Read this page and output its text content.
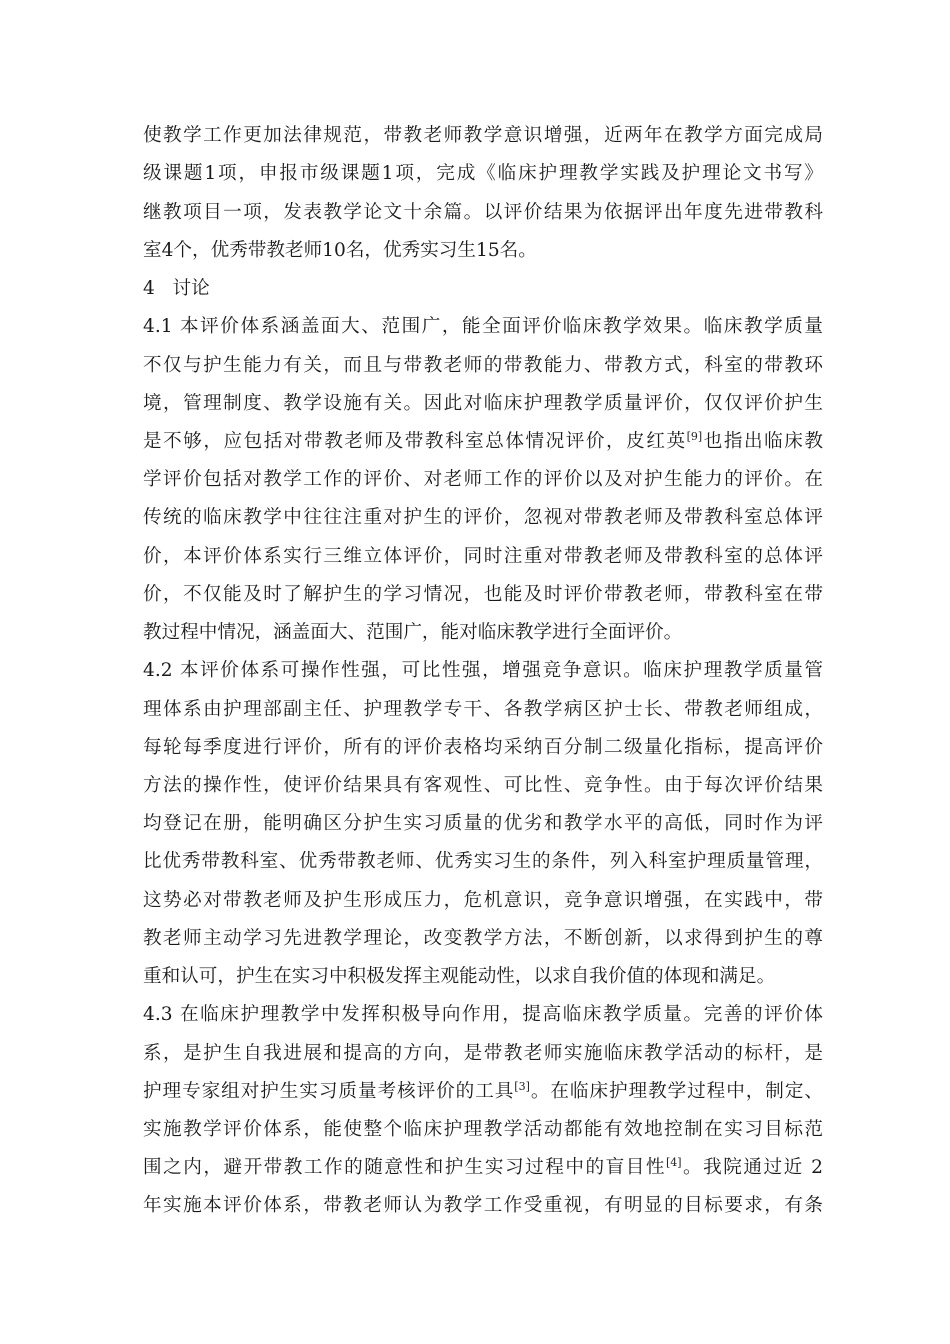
使教学工作更加法律规范，带教老师教学意识增强，近两年在教学方面完成局
级课题1项，申报市级课题1项，完成《临床护理教学实践及护理论文书写》
继教项目一项，发表教学论文十余篇。以评价结果为依据评出年度先进带教科
室4个，优秀带教老师10名，优秀实习生15名。
4   讨论
4.1 本评价体系涵盖面大、范围广，能全面评价临床教学效果。临床教学质量
不仅与护生能力有关，而且与带教老师的带教能力、带教方式，科室的带教环
境，管理制度、教学设施有关。因此对临床护理教学质量评价，仅仅评价护生
是不够，应包括对带教老师及带教科室总体情况评价，皮红英[9]也指出临床教
学评价包括对教学工作的评价、对老师工作的评价以及对护生能力的评价。在
传统的临床教学中往往注重对护生的评价，忽视对带教老师及带教科室总体评
价，本评价体系实行三维立体评价，同时注重对带教老师及带教科室的总体评
价，不仅能及时了解护生的学习情况，也能及时评价带教老师，带教科室在带
教过程中情况，涵盖面大、范围广，能对临床教学进行全面评价。
4.2 本评价体系可操作性强，可比性强，增强竞争意识。临床护理教学质量管
理体系由护理部副主任、护理教学专干、各教学病区护士长、带教老师组成，
每轮每季度进行评价，所有的评价表格均采纳百分制二级量化指标，提高评价
方法的操作性，使评价结果具有客观性、可比性、竞争性。由于每次评价结果
均登记在册，能明确区分护生实习质量的优劣和教学水平的高低，同时作为评
比优秀带教科室、优秀带教老师、优秀实习生的条件，列入科室护理质量管理，
这势必对带教老师及护生形成压力，危机意识，竞争意识增强，在实践中，带
教老师主动学习先进教学理论，改变教学方法，不断创新，以求得到护生的尊
重和认可，护生在实习中积极发挥主观能动性，以求自我价值的体现和满足。
4.3 在临床护理教学中发挥积极导向作用，提高临床教学质量。完善的评价体
系，是护生自我进展和提高的方向，是带教老师实施临床教学活动的标杆，是
护理专家组对护生实习质量考核评价的工具[3]。在临床护理教学过程中，制定、
实施教学评价体系，能使整个临床护理教学活动都能有效地控制在实习目标范
围之内，避开带教工作的随意性和护生实习过程中的盲目性[4]。我院通过近 2
年实施本评价体系，带教老师认为教学工作受重视，有明显的目标要求，有条
